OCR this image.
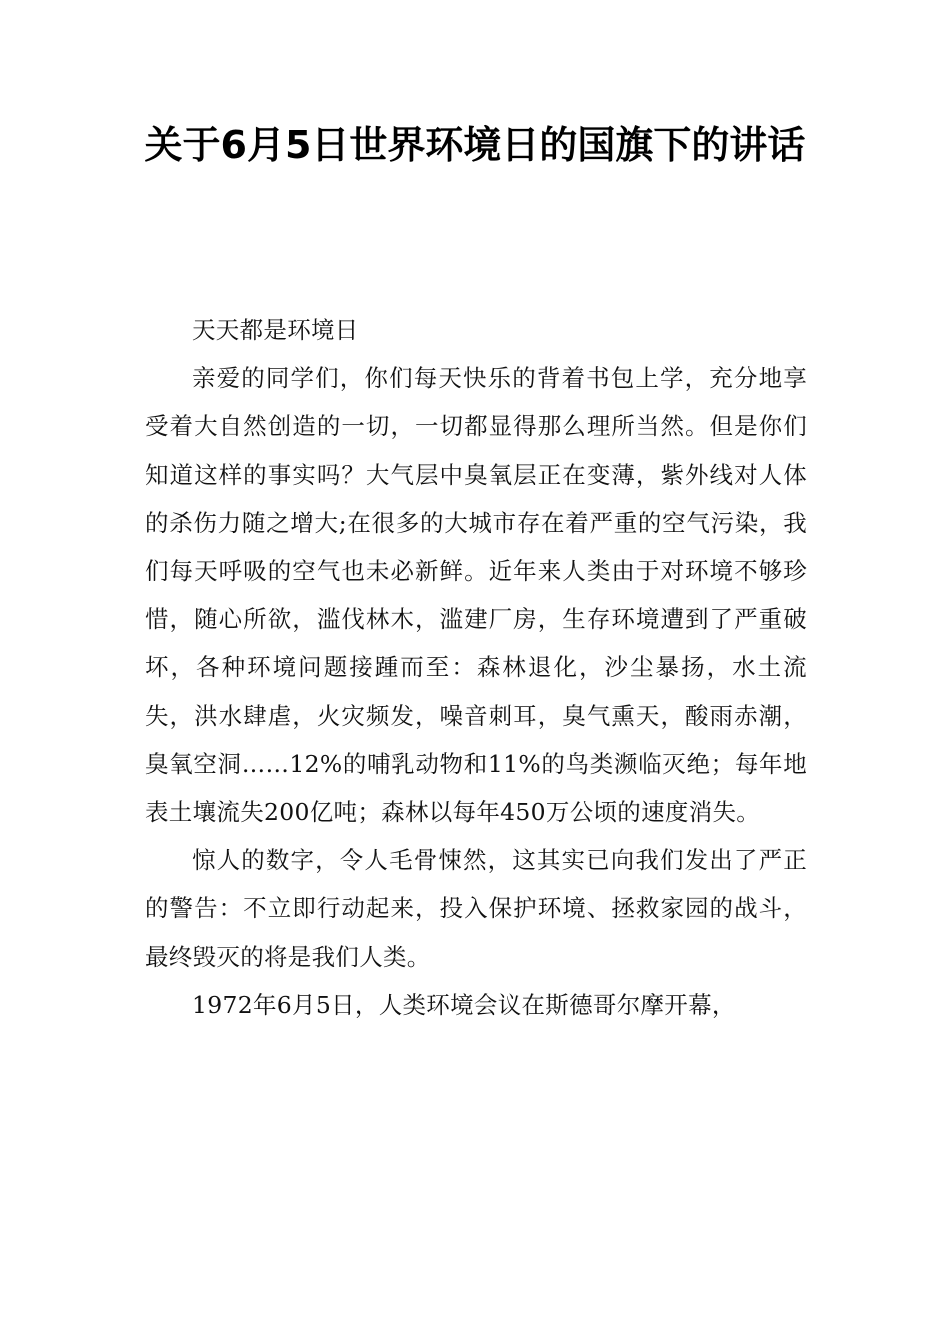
关于6月5日世界环境日的国旗下的讲话

天天都是环境日

亲爱的同学们，你们每天快乐的背着书包上学，充分地享受着大自然创造的一切，一切都显得那么理所当然。但是你们知道这样的事实吗？大气层中臭氧层正在变薄，紫外线对人体的杀伤力随之增大;在很多的大城市存在着严重的空气污染，我们每天呼吸的空气也未必新鲜。近年来人类由于对环境不够珍惜，随心所欲，滥伐林木，滥建厂房，生存环境遭到了严重破坏，各种环境问题接踵而至：森林退化，沙尘暴扬，水土流失，洪水肆虐，火灾频发，噪音刺耳，臭气熏天，酸雨赤潮，臭氧空洞……12%的哺乳动物和11%的鸟类濒临灭绝；每年地表土壤流失200亿吨；森林以每年450万公顷的速度消失。

惊人的数字，令人毛骨悚然，这其实已向我们发出了严正的警告：不立即行动起来，投入保护环境、拯救家园的战斗，最终毁灭的将是我们人类。

1972年6月5日，人类环境会议在斯德哥尔摩开幕，
